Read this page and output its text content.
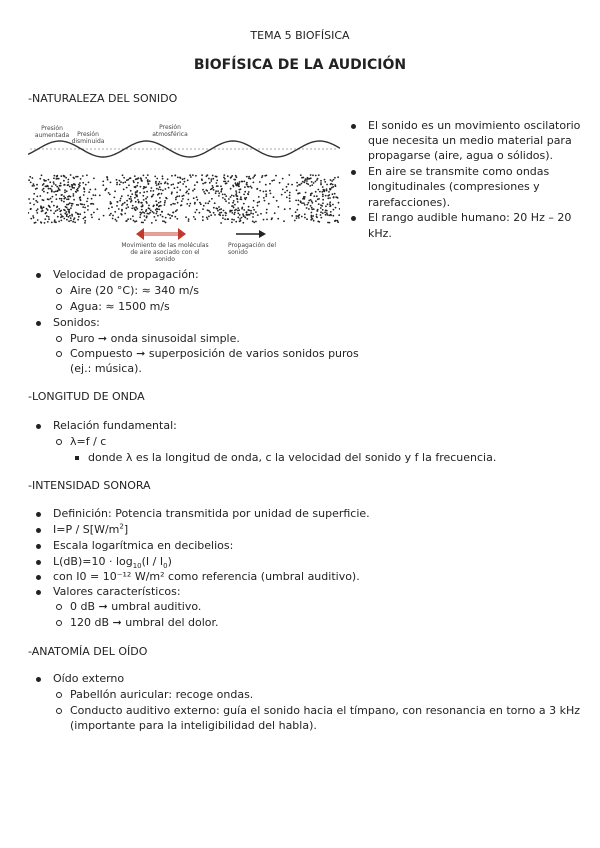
TEMA 5 BIOFÍSICA
BIOFÍSICA DE LA AUDICIÓN
-NATURALEZA DEL SONIDO
Presión
aumentada	Presión
disminuida
Presión
atmosférica
Movimiento de las moléculas
de aire asociado con el sonido
Propagación del
sonido
El sonido es un movimiento oscilatorio
que necesita un medio material para
propagarse (aire, agua o sólidos).
En aire se transmite como ondas
longitudinales (compresiones y
rarefacciones).
El rango audible humano: 20 Hz – 20
kHz.
Velocidad de propagación:
Aire (20 °C): ≈ 340 m/s
Agua: ≈ 1500 m/s
Sonidos:
Puro ➞ onda sinusoidal simple.
Compuesto ➞ superposición de varios sonidos puros
(ej.: música).
-LONGITUD DE ONDA
Relación fundamental:
λ=f / c
donde λ es la longitud de onda, c la velocidad del sonido y f la frecuencia.
-INTENSIDAD SONORA
Definición: Potencia transmitida por unidad de superficie.
$I=P / S[W/m^2]$
Escala logarítmica en decibelios:
$L(dB)=10 \cdot \log_{10}(I / I_0)$
con I0 = 10⁻¹² W/m² como referencia (umbral auditivo).
Valores característicos:
0 dB ➞ umbral auditivo.
120 dB ➞ umbral del dolor.
-ANATOMÍA DEL OÍDO
Oído externo
Pabellón auricular: recoge ondas.
Conducto auditivo externo: guía el sonido hacia el tímpano, con resonancia en torno a 3 kHz
(importante para la inteligibilidad del habla).
